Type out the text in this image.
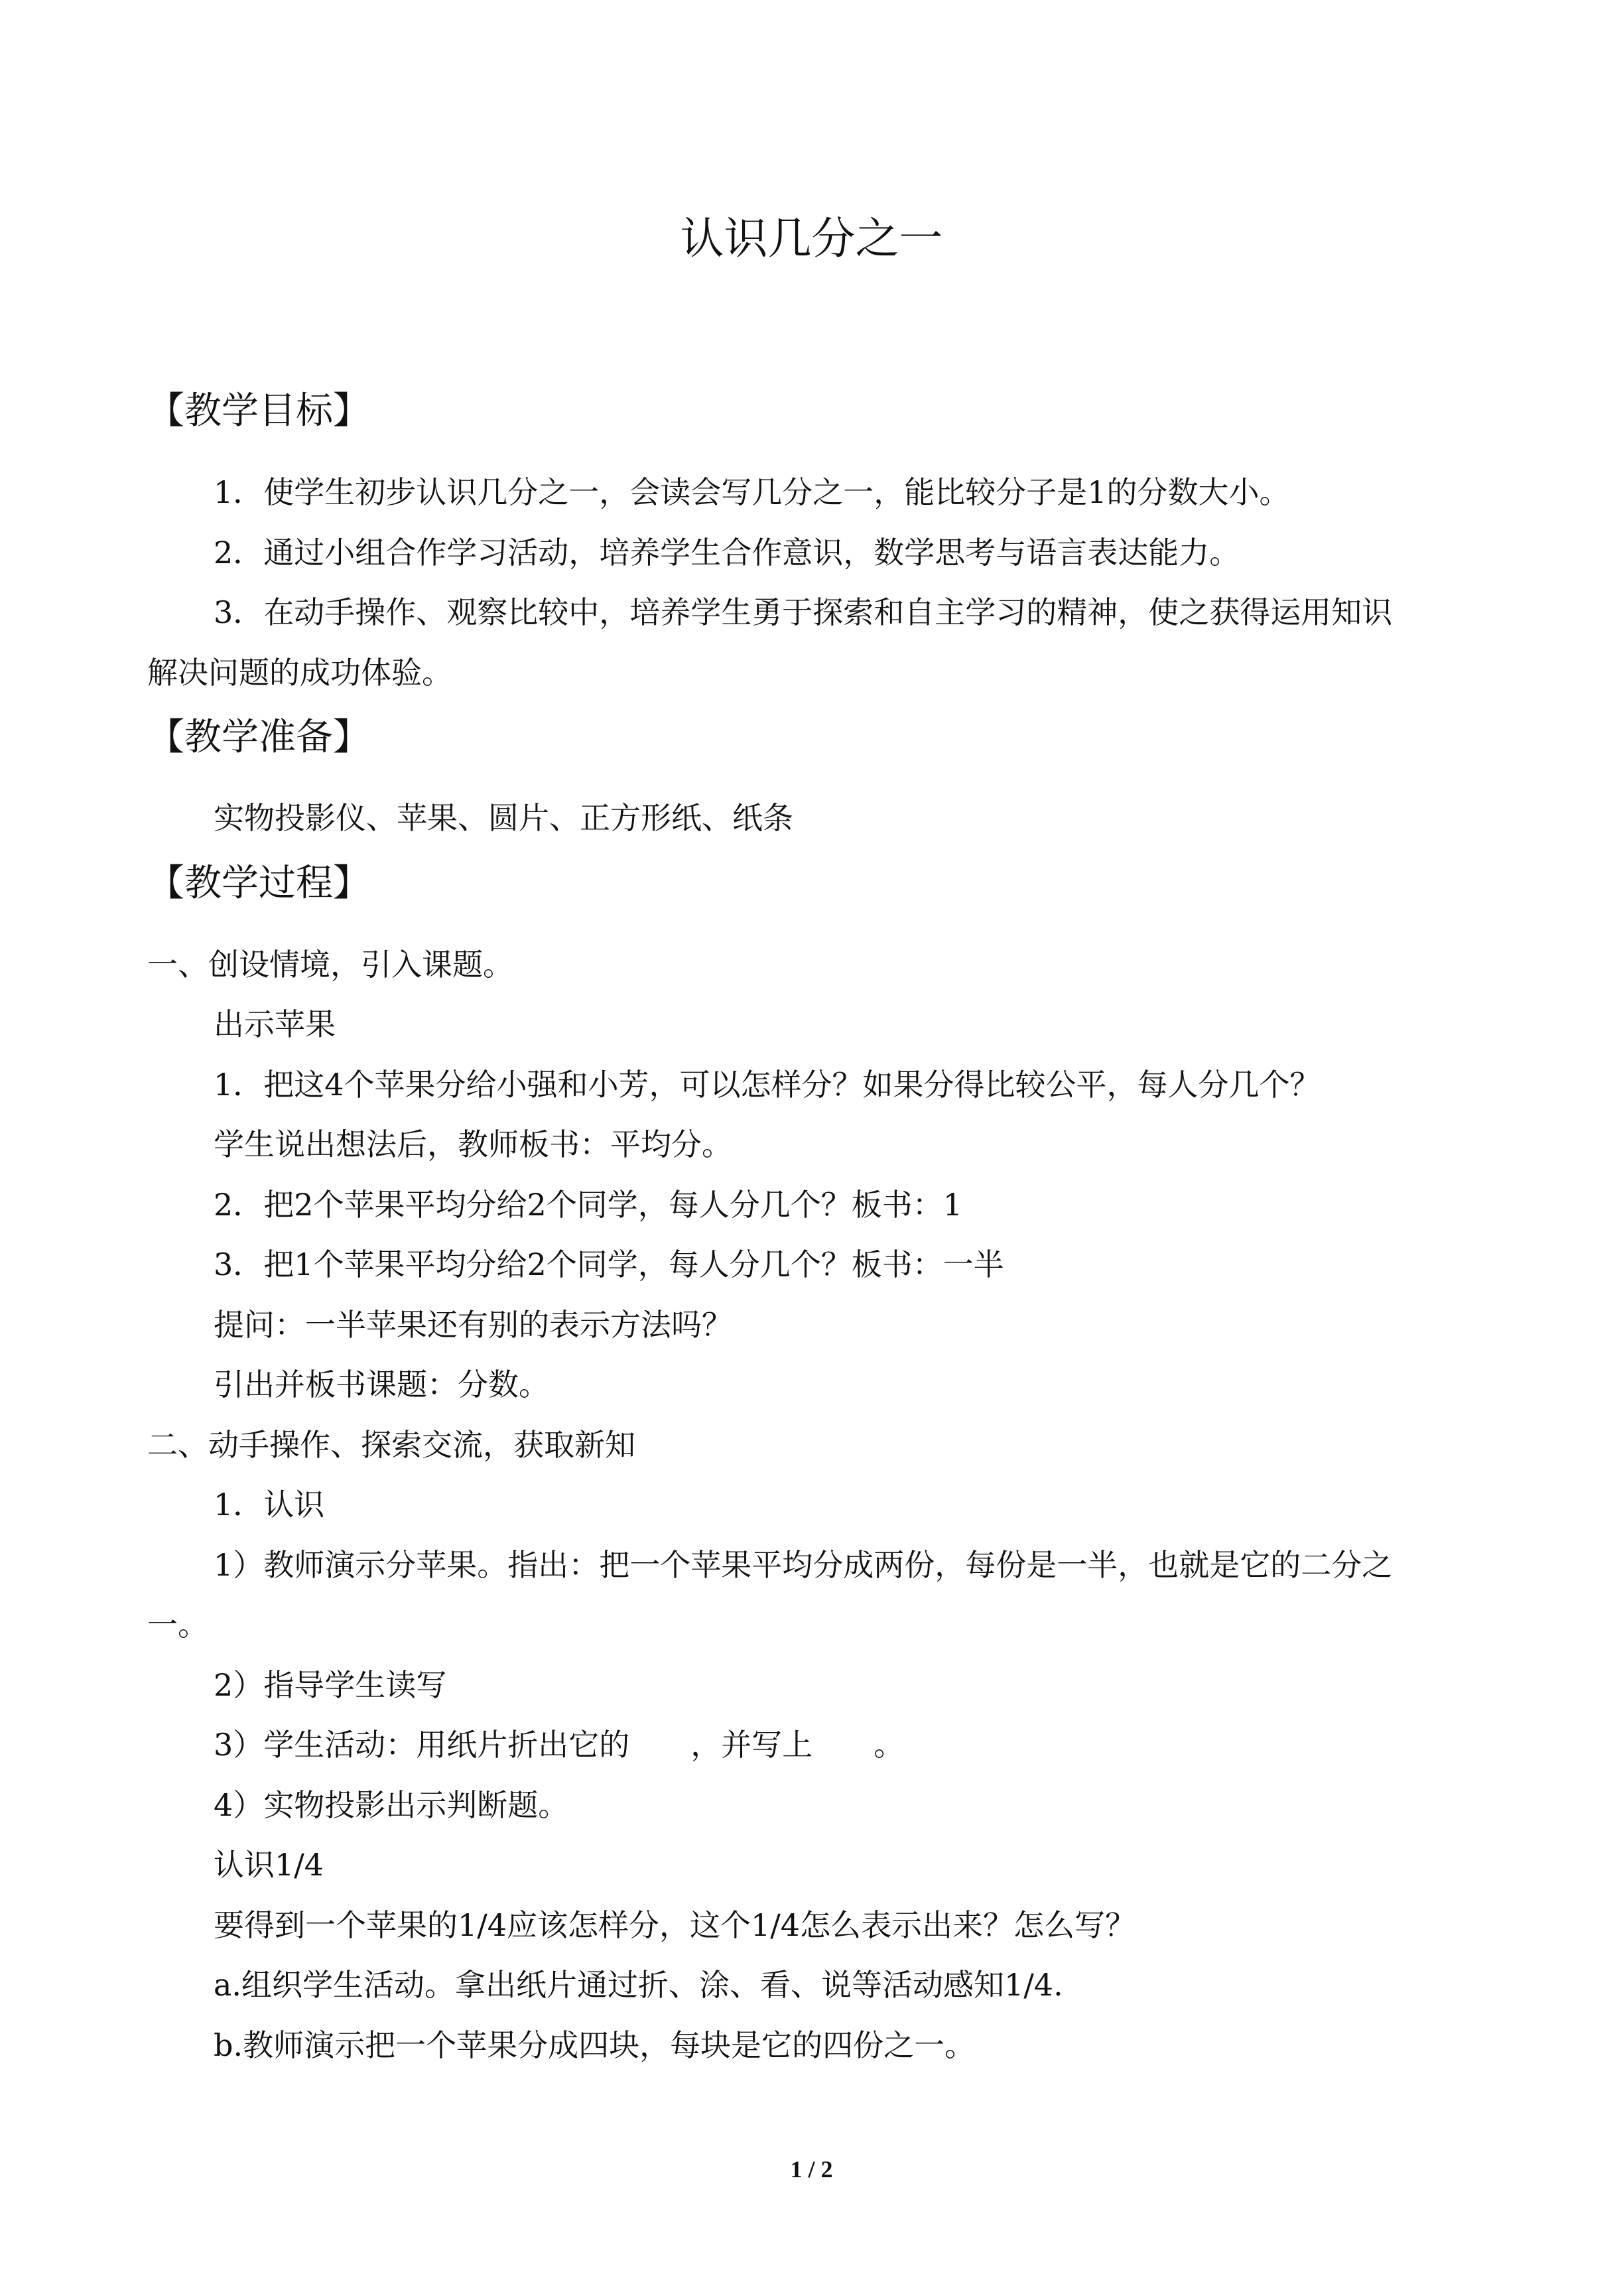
认识几分之一
【教学目标】
1．使学生初步认识几分之一，会读会写几分之一，能比较分子是1的分数大小。
2．通过小组合作学习活动，培养学生合作意识，数学思考与语言表达能力。
3．在动手操作、观察比较中，培养学生勇于探索和自主学习的精神，使之获得运用知识
解决问题的成功体验。
【教学准备】
实物投影仪、苹果、圆片、正方形纸、纸条
【教学过程】
一、创设情境，引入课题。
出示苹果
1．把这4个苹果分给小强和小芳，可以怎样分？如果分得比较公平，每人分几个？
学生说出想法后，教师板书：平均分。
2．把2个苹果平均分给2个同学，每人分几个？板书：1
3．把1个苹果平均分给2个同学，每人分几个？板书：一半
提问：一半苹果还有别的表示方法吗？
引出并板书课题：分数。
二、动手操作、探索交流，获取新知
1．认识
1）教师演示分苹果。指出：把一个苹果平均分成两份，每份是一半，也就是它的二分之
一。
2）指导学生读写
3）学生活动：用纸片折出它的　　，并写上　　。
4）实物投影出示判断题。
认识1/4
要得到一个苹果的1/4应该怎样分，这个1/4怎么表示出来？怎么写？
a.组织学生活动。拿出纸片通过折、涂、看、说等活动感知1/4.
b.教师演示把一个苹果分成四块，每块是它的四份之一。
1 / 2
